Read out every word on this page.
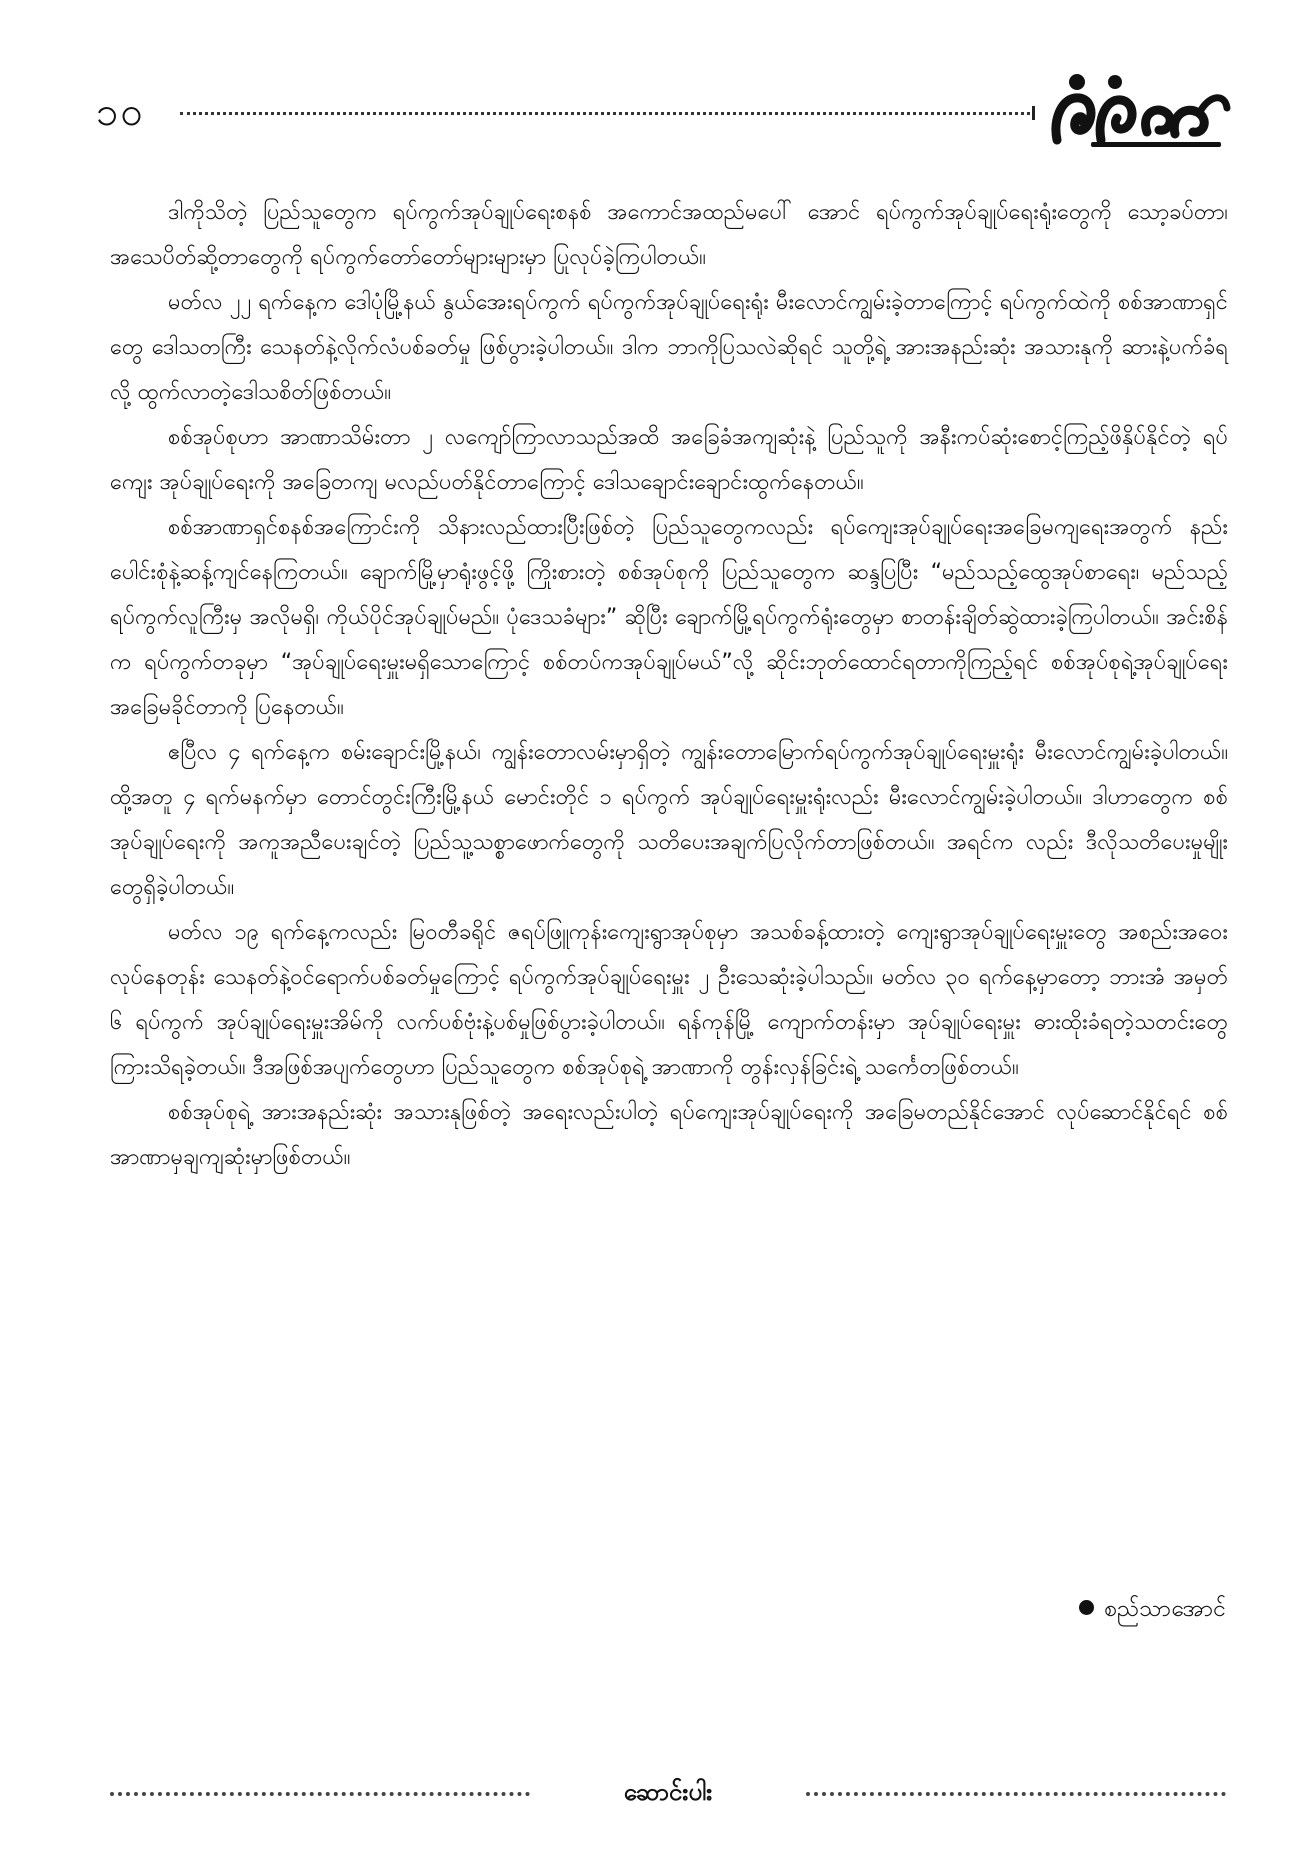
၁၀

ဒါကိုသိတဲ့ ပြည်သူတွေက ရပ်ကွက်အုပ်ချုပ်ရေးစနစ် အကောင်အထည်မပေါ် အောင် ရပ်ကွက်အုပ်ချုပ်ရေးရုံးတွေကို သော့ခပ်တာ၊ အသေပိတ်ဆို့တာတွေကို ရပ်ကွက်တော်တော်များများမှာ ပြုလုပ်ခဲ့ကြပါတယ်။

မတ်လ ၂၂ ရက်နေ့က ဒေါပုံမြို့နယ် နွယ်အေးရပ်ကွက် ရပ်ကွက်အုပ်ချုပ်ရေးရုံး မီးလောင်ကျွမ်းခဲ့တာကြောင့် ရပ်ကွက်ထဲကို စစ်အာဏာရှင်တွေ ဒေါသတကြီး သေနတ်နဲ့လိုက်လံပစ်ခတ်မှု ဖြစ်ပွားခဲ့ပါတယ်။ ဒါက ဘာကိုပြသလဲဆိုရင် သူတို့ရဲ့ အားအနည်းဆုံး အသားနုကို ဆားနဲ့ပက်ခံရလို့ ထွက်လာတဲ့ဒေါသစိတ်ဖြစ်တယ်။

စစ်အုပ်စုဟာ အာဏာသိမ်းတာ ၂ လကျော်ကြာလာသည်အထိ အခြေခံအကျဆုံးနဲ့ ပြည်သူကို အနီးကပ်ဆုံးစောင့်ကြည့်ဖိနှိပ်နိုင်တဲ့ ရပ်ကျေး အုပ်ချုပ်ရေးကို အခြေတကျ မလည်ပတ်နိုင်တာကြောင့် ဒေါသချောင်းချောင်းထွက်နေတယ်။

စစ်အာဏာရှင်စနစ်အကြောင်းကို သိနားလည်ထားပြီးဖြစ်တဲ့ ပြည်သူတွေကလည်း ရပ်ကျေးအုပ်ချုပ်ရေးအခြေမကျရေးအတွက် နည်းပေါင်းစုံနဲ့ဆန့်ကျင်နေကြတယ်။ ချောက်မြို့မှာရုံးဖွင့်ဖို့ ကြိုးစားတဲ့ စစ်အုပ်စုကို ပြည်သူတွေက ဆန္ဒပြပြီး “မည်သည့်ထွေအုပ်စာရေး၊ မည်သည့်ရပ်ကွက်လူကြီးမှ အလိုမရှိ၊ ကိုယ်ပိုင်အုပ်ချုပ်မည်။ ပုံဒေသခံများ” ဆိုပြီး ချောက်မြို့ရပ်ကွက်ရုံးတွေမှာ စာတန်းချိတ်ဆွဲထားခဲ့ကြပါတယ်။ အင်းစိန်က ရပ်ကွက်တခုမှာ “အုပ်ချုပ်ရေးမှူးမရှိသောကြောင့် စစ်တပ်ကအုပ်ချုပ်မယ်”လို့ ဆိုင်းဘုတ်ထောင်ရတာကိုကြည့်ရင် စစ်အုပ်စုရဲ့အုပ်ချုပ်ရေး အခြေမခိုင်တာကို ပြနေတယ်။

ဧပြီလ ၄ ရက်နေ့က စမ်းချောင်းမြို့နယ်၊ ကျွန်းတောလမ်းမှာရှိတဲ့ ကျွန်းတောမြောက်ရပ်ကွက်အုပ်ချုပ်ရေးမှူးရုံး မီးလောင်ကျွမ်းခဲ့ပါတယ်။ ထို့အတူ ၄ ရက်မနက်မှာ တောင်တွင်းကြီးမြို့နယ် မောင်းတိုင် ၁ ရပ်ကွက် အုပ်ချုပ်ရေးမှူးရုံးလည်း မီးလောင်ကျွမ်းခဲ့ပါတယ်။ ဒါဟာတွေက စစ်အုပ်ချုပ်ရေးကို အကူအညီပေးချင်တဲ့ ပြည်သူ့သစ္စာဖောက်တွေကို သတိပေးအချက်ပြလိုက်တာဖြစ်တယ်။ အရင်က လည်း ဒီလိုသတိပေးမှုမျိုးတွေရှိခဲ့ပါတယ်။

မတ်လ ၁၉ ရက်နေ့ကလည်း မြဝတီခရိုင် ဇရပ်ဖြူကုန်းကျေးရွာအုပ်စုမှာ အသစ်ခန့်ထားတဲ့ ကျေးရွာအုပ်ချုပ်ရေးမှူးတွေ အစည်းအဝေးလုပ်နေတုန်း သေနတ်နဲ့ဝင်ရောက်ပစ်ခတ်မှုကြောင့် ရပ်ကွက်အုပ်ချုပ်ရေးမှူး ၂ ဦးသေဆုံးခဲ့ပါသည်။ မတ်လ ၃၀ ရက်နေ့မှာတော့ ဘားအံ အမှတ် ၆ ရပ်ကွက် အုပ်ချုပ်ရေးမှူးအိမ်ကို လက်ပစ်ဗုံးနဲ့ပစ်မှုဖြစ်ပွားခဲ့ပါတယ်။ ရန်ကုန်မြို့ ကျောက်တန်းမှာ အုပ်ချုပ်ရေးမှူး ဓားထိုးခံရတဲ့သတင်းတွေကြားသိရခဲ့တယ်။ ဒီအဖြစ်အပျက်တွေဟာ ပြည်သူတွေက စစ်အုပ်စုရဲ့ အာဏာကို တွန်းလှန်ခြင်းရဲ့ သင်္ကေတဖြစ်တယ်။

စစ်အုပ်စုရဲ့ အားအနည်းဆုံး အသားနုဖြစ်တဲ့ အရေးလည်းပါတဲ့ ရပ်ကျေးအုပ်ချုပ်ရေးကို အခြေမတည်နိုင်အောင် လုပ်ဆောင်နိုင်ရင် စစ်အာဏာမှချကျဆုံးမှာဖြစ်တယ်။

စည်သာအောင်
ဆောင်းပါး
